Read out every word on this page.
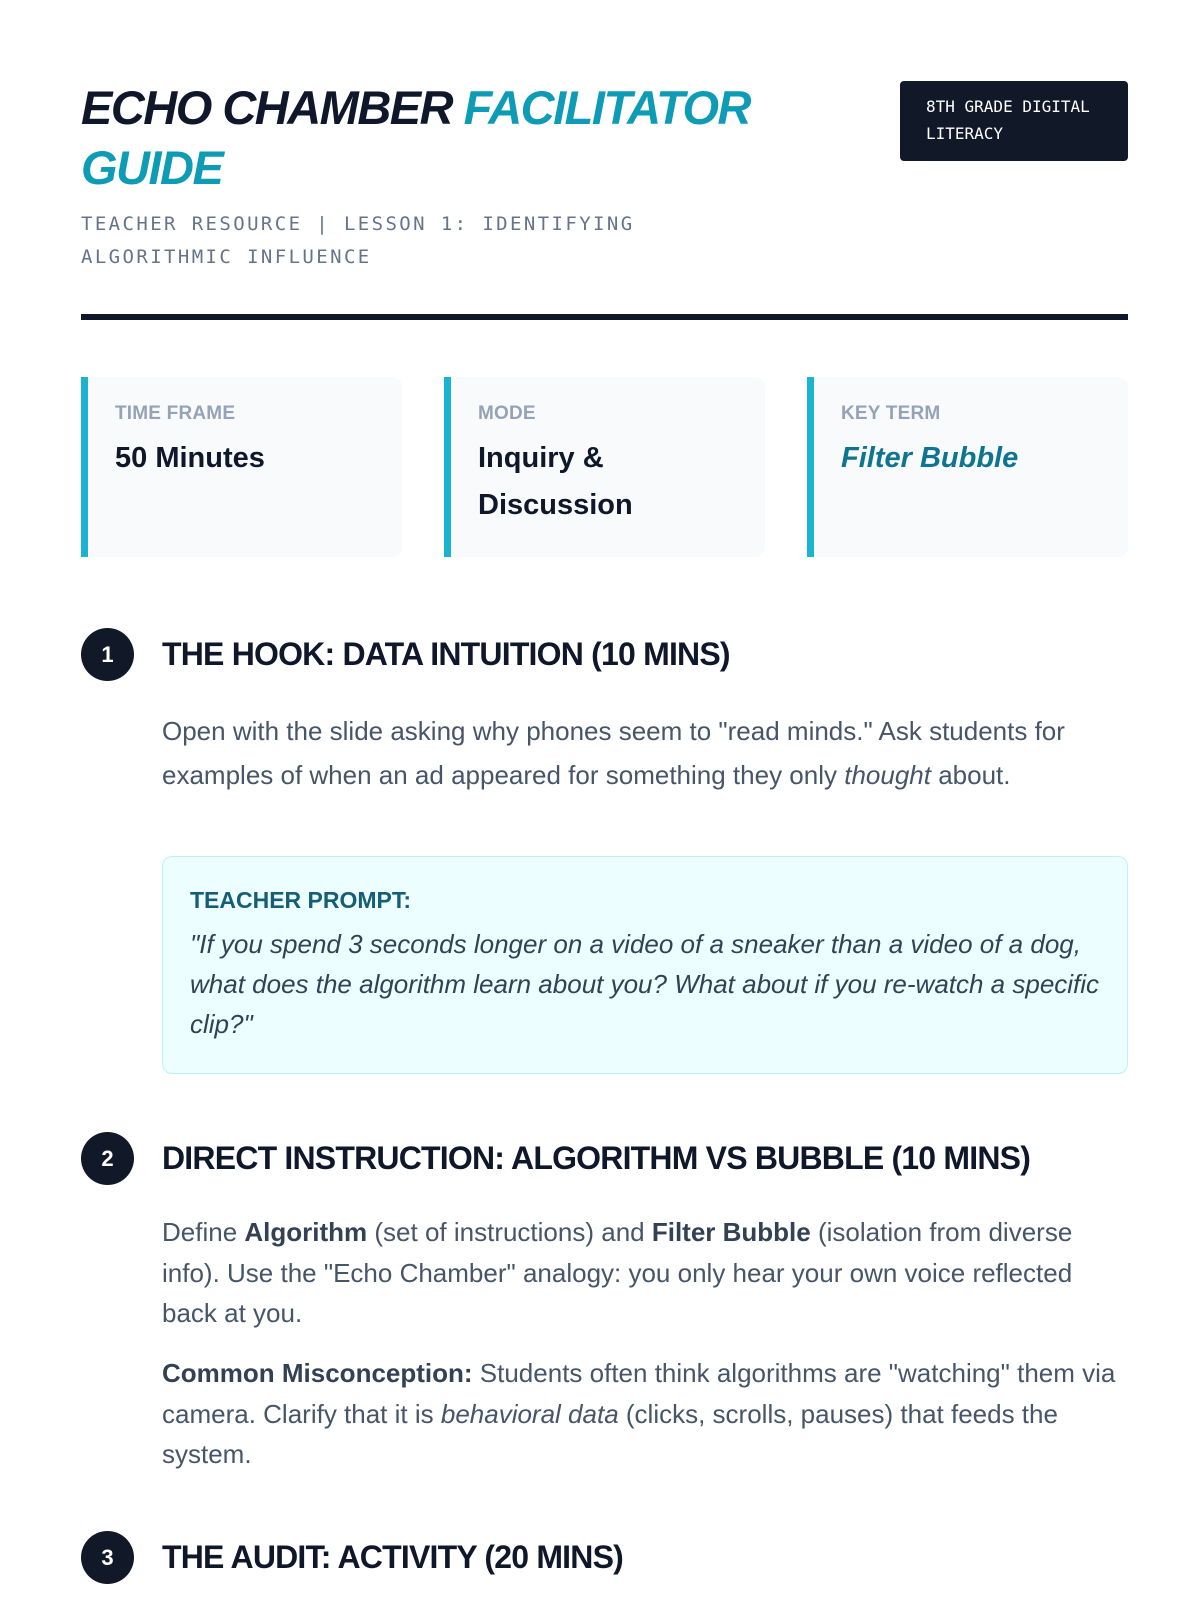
ECHO CHAMBER FACILITATOR GUIDE
8TH GRADE DIGITAL LITERACY
TEACHER RESOURCE | LESSON 1: IDENTIFYING ALGORITHMIC INFLUENCE
TIME FRAME
50 Minutes
MODE
Inquiry & Discussion
KEY TERM
Filter Bubble
1	THE HOOK: DATA INTUITION (10 MINS)

Open with the slide asking why phones seem to "read minds." Ask students for examples of when an ad appeared for something they only thought about.

TEACHER PROMPT:
"If you spend 3 seconds longer on a video of a sneaker than a video of a dog, what does the algorithm learn about you? What about if you re-watch a specific clip?"
2	DIRECT INSTRUCTION: ALGORITHM VS BUBBLE (10 MINS)

Define Algorithm (set of instructions) and Filter Bubble (isolation from diverse info). Use the "Echo Chamber" analogy: you only hear your own voice reflected back at you.

Common Misconception: Students often think algorithms are "watching" them via camera. Clarify that it is behavioral data (clicks, scrolls, pauses) that feeds the system.

3	THE AUDIT: ACTIVITY (20 MINS)
